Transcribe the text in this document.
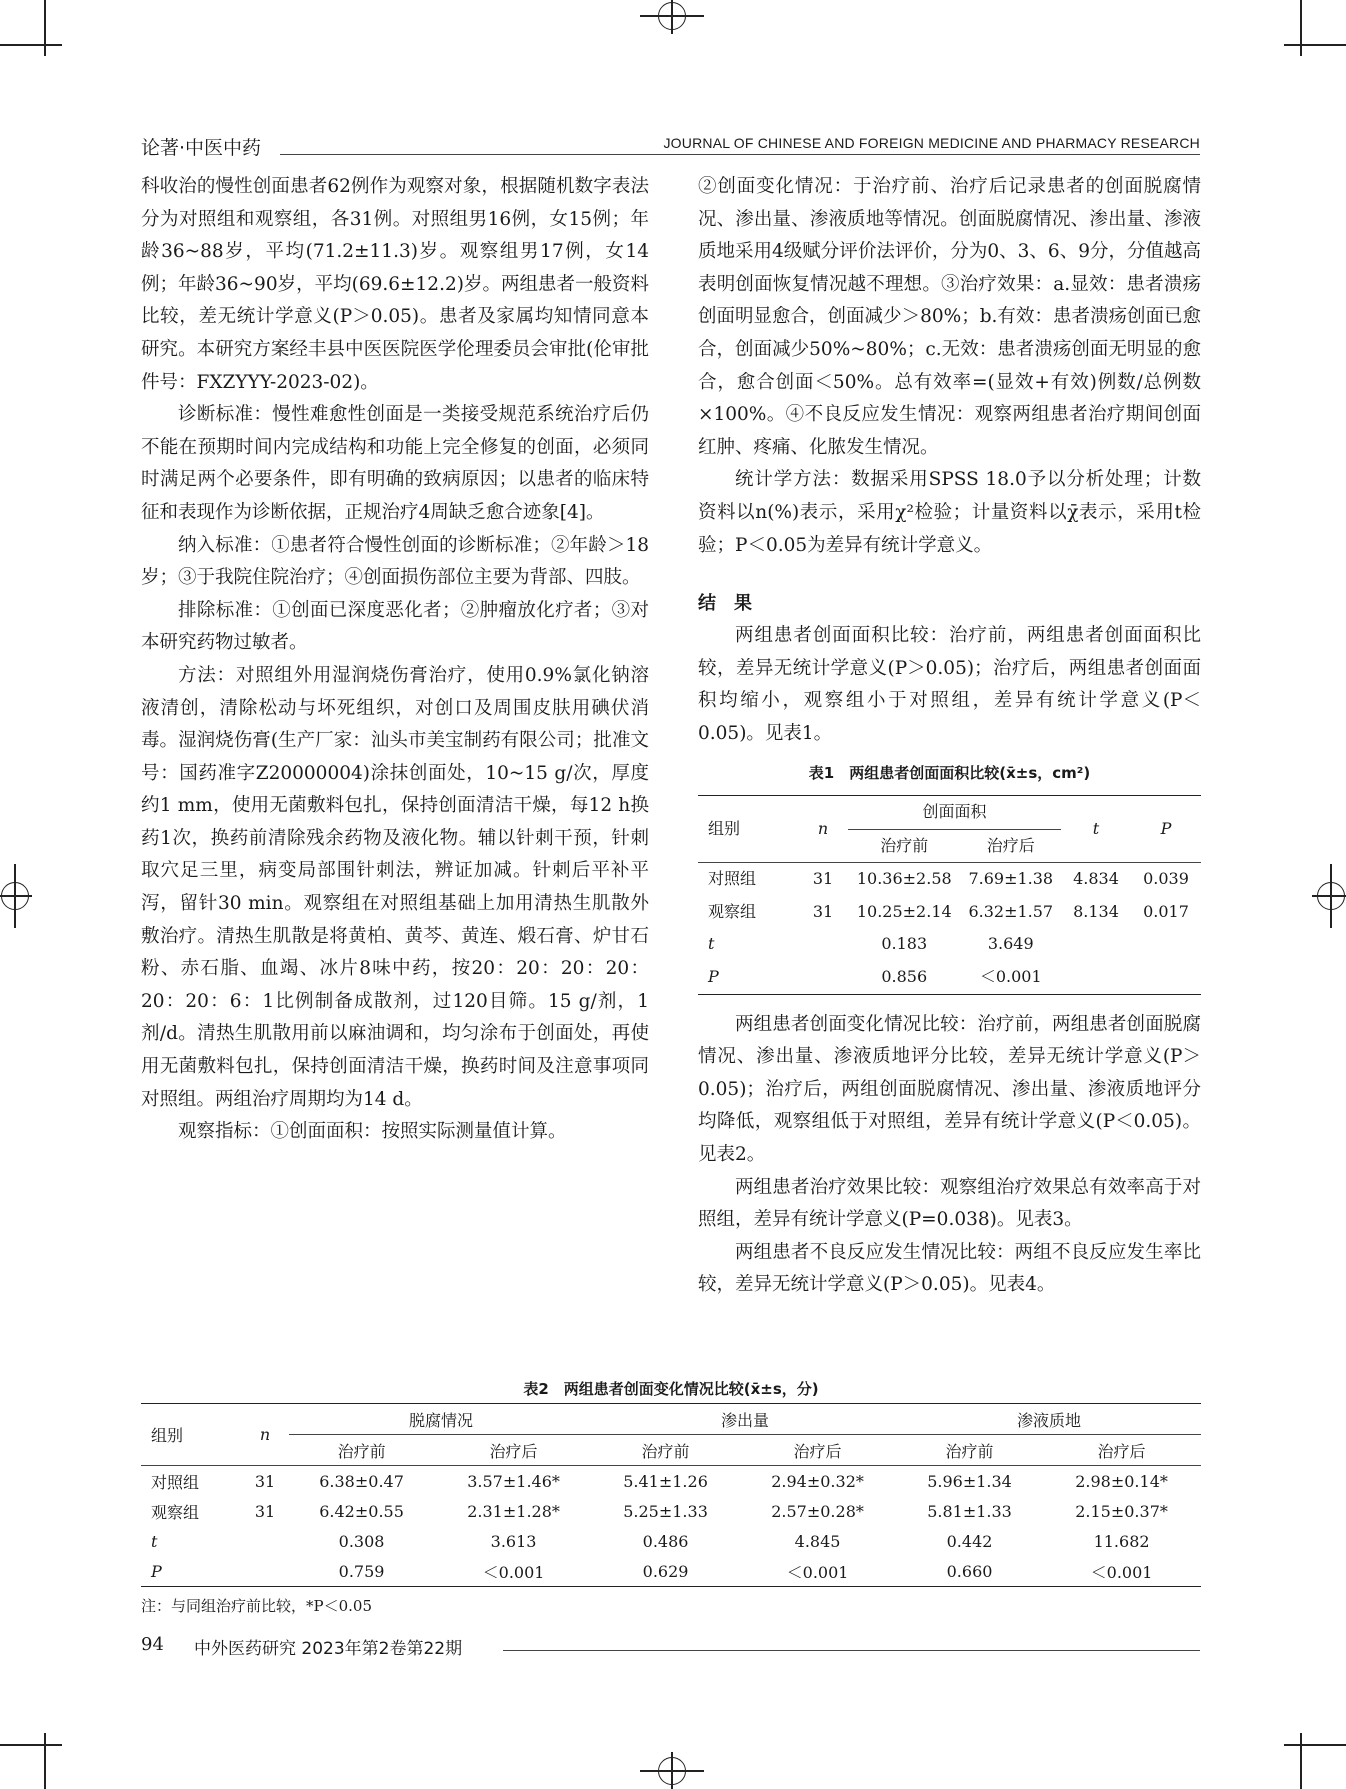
论著·中医中药	JOURNAL OF CHINESE AND FOREIGN MEDICINE AND PHARMACY RESEARCH

科收治的慢性创面患者62例作为观察对象，根据随机数字表法分为对照组和观察组，各31例。对照组男16例，女15例；年龄36~88岁，平均(71.2±11.3)岁。观察组男17例，女14例；年龄36~90岁，平均(69.6±12.2)岁。两组患者一般资料比较，差无统计学意义(P＞0.05)。患者及家属均知情同意本研究。本研究方案经丰县中医医院医学伦理委员会审批(伦审批件号：FXZYYY-2023-02)。

诊断标准：慢性难愈性创面是一类接受规范系统治疗后仍不能在预期时间内完成结构和功能上完全修复的创面，必须同时满足两个必要条件，即有明确的致病原因；以患者的临床特征和表现作为诊断依据，正规治疗4周缺乏愈合迹象[4]。

纳入标准：①患者符合慢性创面的诊断标准；②年龄＞18岁；③于我院住院治疗；④创面损伤部位主要为背部、四肢。

排除标准：①创面已深度恶化者；②肿瘤放化疗者；③对本研究药物过敏者。

方法：对照组外用湿润烧伤膏治疗，使用0.9%氯化钠溶液清创，清除松动与坏死组织，对创口及周围皮肤用碘伏消毒。湿润烧伤膏(生产厂家：汕头市美宝制药有限公司；批准文号：国药准字Z20000004)涂抹创面处，10~15 g/次，厚度约1 mm，使用无菌敷料包扎，保持创面清洁干燥，每12 h换药1次，换药前清除残余药物及液化物。辅以针刺干预，针刺取穴足三里，病变局部围针刺法，辨证加减。针刺后平补平泻，留针30 min。观察组在对照组基础上加用清热生肌散外敷治疗。清热生肌散是将黄柏、黄芩、黄连、煅石膏、炉甘石粉、赤石脂、血竭、冰片8味中药，按20：20：20：20：20：20：6：1比例制备成散剂，过120目筛。15 g/剂，1剂/d。清热生肌散用前以麻油调和，均匀涂布于创面处，再使用无菌敷料包扎，保持创面清洁干燥，换药时间及注意事项同对照组。两组治疗周期均为14 d。

观察指标：①创面面积：按照实际测量值计算。

②创面变化情况：于治疗前、治疗后记录患者的创面脱腐情况、渗出量、渗液质地等情况。创面脱腐情况、渗出量、渗液质地采用4级赋分评价法评价，分为0、3、6、9分，分值越高表明创面恢复情况越不理想。③治疗效果：a.显效：患者溃疡创面明显愈合，创面减少＞80%；b.有效：患者溃疡创面已愈合，创面减少50%~80%；c.无效：患者溃疡创面无明显的愈合，愈合创面＜50%。总有效率=(显效+有效)例数/总例数×100%。④不良反应发生情况：观察两组患者治疗期间创面红肿、疼痛、化脓发生情况。

统计学方法：数据采用SPSS 18.0予以分析处理；计数资料以n(%)表示，采用χ²检验；计量资料以χ̄表示，采用t检验；P＜0.05为差异有统计学意义。

结　果

两组患者创面面积比较：治疗前，两组患者创面面积比较，差异无统计学意义(P＞0.05)；治疗后，两组患者创面面积均缩小，观察组小于对照组，差异有统计学意义(P＜0.05)。见表1。

表1　两组患者创面面积比较(x̄±s，cm²)
组别	n	创面面积		t	P
		治疗前	治疗后		
对照组	31	10.36±2.58	7.69±1.38	4.834	0.039
观察组	31	10.25±2.14	6.32±1.57	8.134	0.017
t		0.183	3.649		
P		0.856	＜0.001		

两组患者创面变化情况比较：治疗前，两组患者创面脱腐情况、渗出量、渗液质地评分比较，差异无统计学意义(P＞0.05)；治疗后，两组创面脱腐情况、渗出量、渗液质地评分均降低，观察组低于对照组，差异有统计学意义(P＜0.05)。见表2。

两组患者治疗效果比较：观察组治疗效果总有效率高于对照组，差异有统计学意义(P=0.038)。见表3。

两组患者不良反应发生情况比较：两组不良反应发生率比较，差异无统计学意义(P＞0.05)。见表4。

表2　两组患者创面变化情况比较(x̄±s，分)
组别	n	脱腐情况		渗出量		渗液质地	
		治疗前	治疗后	治疗前	治疗后	治疗前	治疗后
对照组	31	6.38±0.47	3.57±1.46*	5.41±1.26	2.94±0.32*	5.96±1.34	2.98±0.14*
观察组	31	6.42±0.55	2.31±1.28*	5.25±1.33	2.57±0.28*	5.81±1.33	2.15±0.37*
t		0.308	3.613	0.486	4.845	0.442	11.682
P		0.759	＜0.001	0.629	＜0.001	0.660	＜0.001
注：与同组治疗前比较，*P＜0.05
94 中外医药研究 2023年第2卷第22期
